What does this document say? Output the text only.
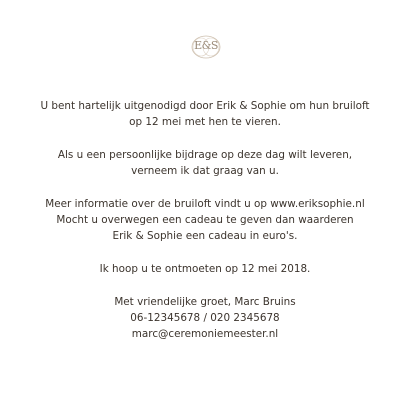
E&S

U bent hartelijk uitgenodigd door Erik & Sophie om hun bruiloft
op 12 mei met hen te vieren.

Als u een persoonlijke bijdrage op deze dag wilt leveren,
verneem ik dat graag van u.

Meer informatie over de bruiloft vindt u op www.eriksophie.nl
Mocht u overwegen een cadeau te geven dan waarderen
Erik & Sophie een cadeau in euro's.

Ik hoop u te ontmoeten op 12 mei 2018.

Met vriendelijke groet, Marc Bruins
06-12345678 / 020 2345678
marc@ceremoniemeester.nl
